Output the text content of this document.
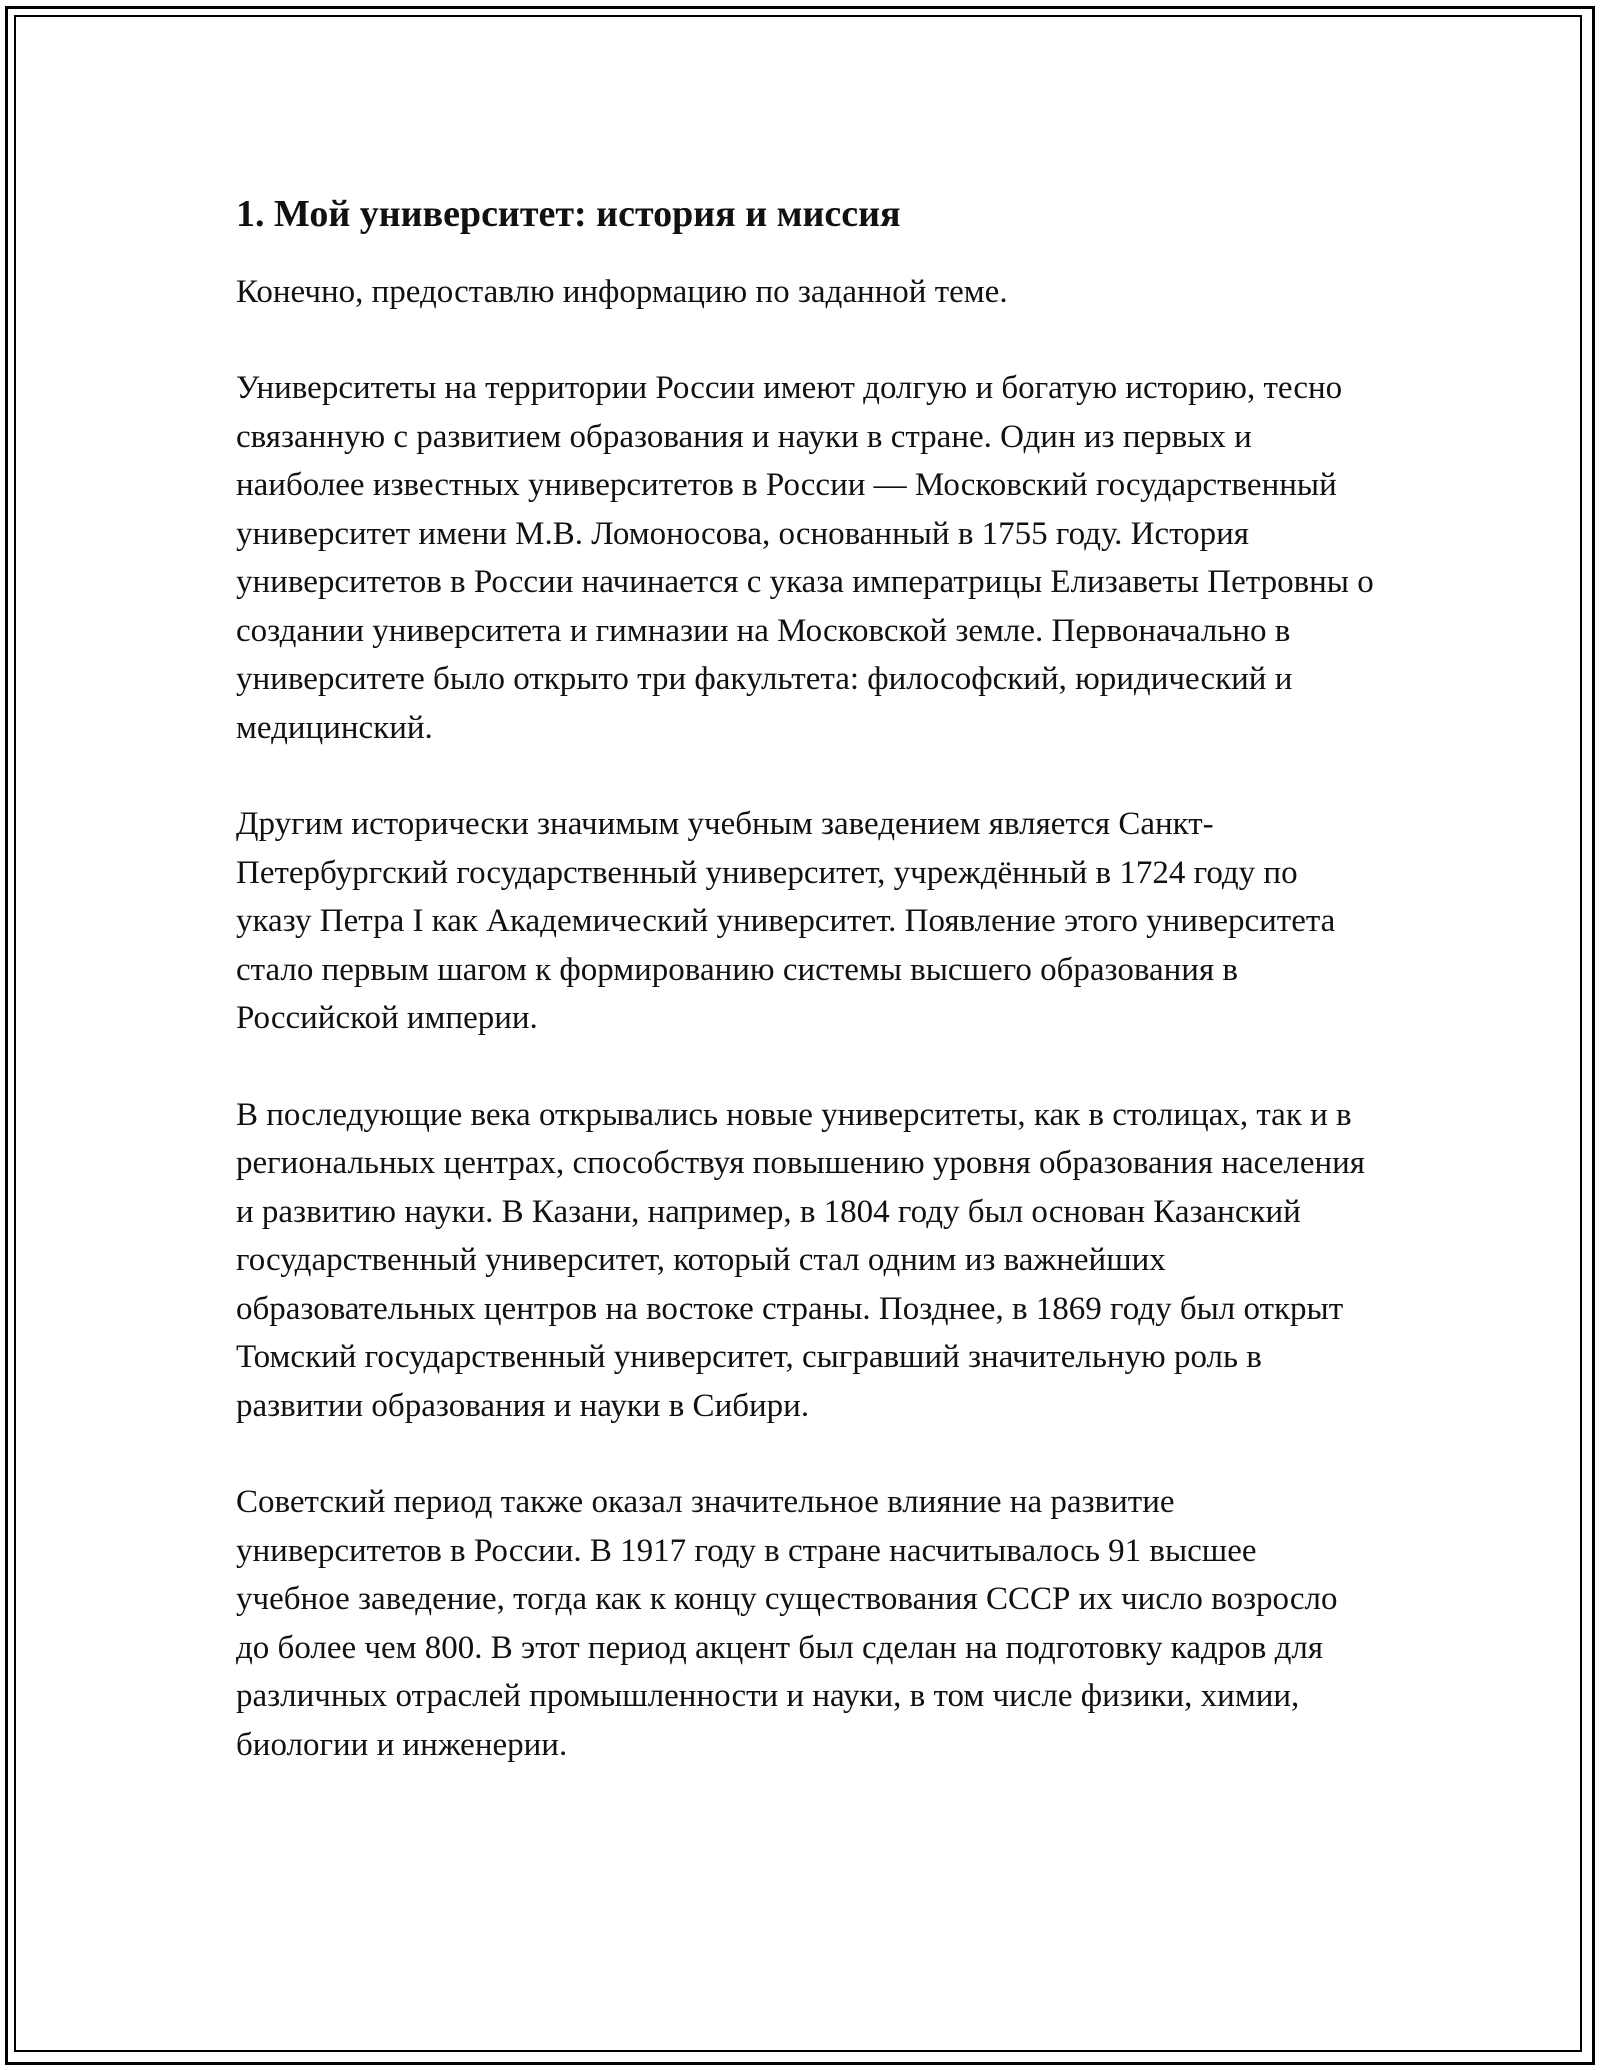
1. Мой университет: история и миссия

Конечно, предоставлю информацию по заданной теме.

Университеты на территории России имеют долгую и богатую историю, тесно связанную с развитием образования и науки в стране. Один из первых и наиболее известных университетов в России — Московский государственный университет имени М.В. Ломоносова, основанный в 1755 году. История университетов в России начинается с указа императрицы Елизаветы Петровны о создании университета и гимназии на Московской земле. Первоначально в университете было открыто три факультета: философский, юридический и медицинский.

Другим исторически значимым учебным заведением является Санкт-Петербургский государственный университет, учреждённый в 1724 году по указу Петра I как Академический университет. Появление этого университета стало первым шагом к формированию системы высшего образования в Российской империи.

В последующие века открывались новые университеты, как в столицах, так и в региональных центрах, способствуя повышению уровня образования населения и развитию науки. В Казани, например, в 1804 году был основан Казанский государственный университет, который стал одним из важнейших образовательных центров на востоке страны. Позднее, в 1869 году был открыт Томский государственный университет, сыгравший значительную роль в развитии образования и науки в Сибири.

Советский период также оказал значительное влияние на развитие университетов в России. В 1917 году в стране насчитывалось 91 высшее учебное заведение, тогда как к концу существования СССР их число возросло до более чем 800. В этот период акцент был сделан на подготовку кадров для различных отраслей промышленности и науки, в том числе физики, химии, биологии и инженерии.
